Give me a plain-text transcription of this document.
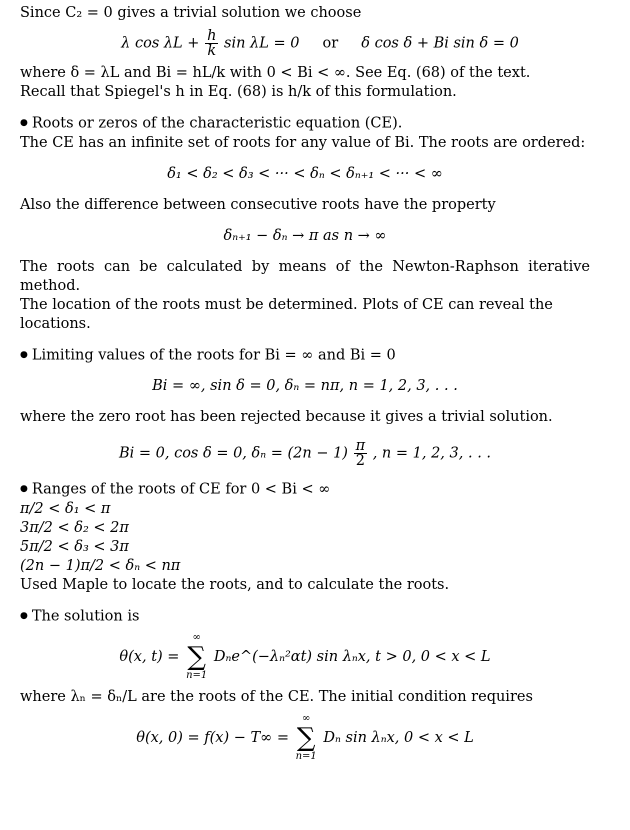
Since C₂ = 0 gives a trivial solution we choose

λ $\cos \lambda L + \frac{h}{k}$ sin λL = 0 or δ cos δ + Bi sin δ = 0

where δ = λL and Bi = hL/k with 0 < Bi < ∞. See Eq. (68) of the text.

Recall that Spiegel's h in Eq. (68) is h/k of this formulation.

● Roots or zeros of the characteristic equation (CE).

The CE has an infinite set of roots for any value of Bi. The roots are ordered:

δ₁ < δ₂ < δ₃ < ··· < δₙ < δₙ₊₁ < ··· < ∞

Also the difference between consecutive roots have the property

δₙ₊₁ − δₙ → π as n → ∞

The roots can be calculated by means of the Newton-Raphson iterative method.

The location of the roots must be determined. Plots of CE can reveal the

locations.

● Limiting values of the roots for Bi = ∞ and Bi = 0

Bi = ∞, sin δ = 0, δₙ = nπ, n = 1, 2, 3, . . .

where the zero root has been rejected because it gives a trivial solution.

Bi = 0, cos δ = 0, $\delta_n = (2n - 1) \frac{\pi}{2}$ , n = 1, 2, 3, . . .

● Ranges of the roots of CE for 0 < Bi < ∞

π/2 < δ₁ < π

3π/2 < δ₂ < 2π

5π/2 < δ₃ < 3π

(2n − 1)π/2 < δₙ < nπ

Used Maple to locate the roots, and to calculate the roots.

● The solution is

θ(x, t) =
∞
∑
n=1
Dₙe^(−λₙ²αt) sin λₙx, t > 0, 0 < x < L

where λₙ = δₙ/L are the roots of the CE. The initial condition requires

θ(x, 0) = f(x) − T∞ =
∞
∑
n=1
Dₙ sin λₙx, 0 < x < L
